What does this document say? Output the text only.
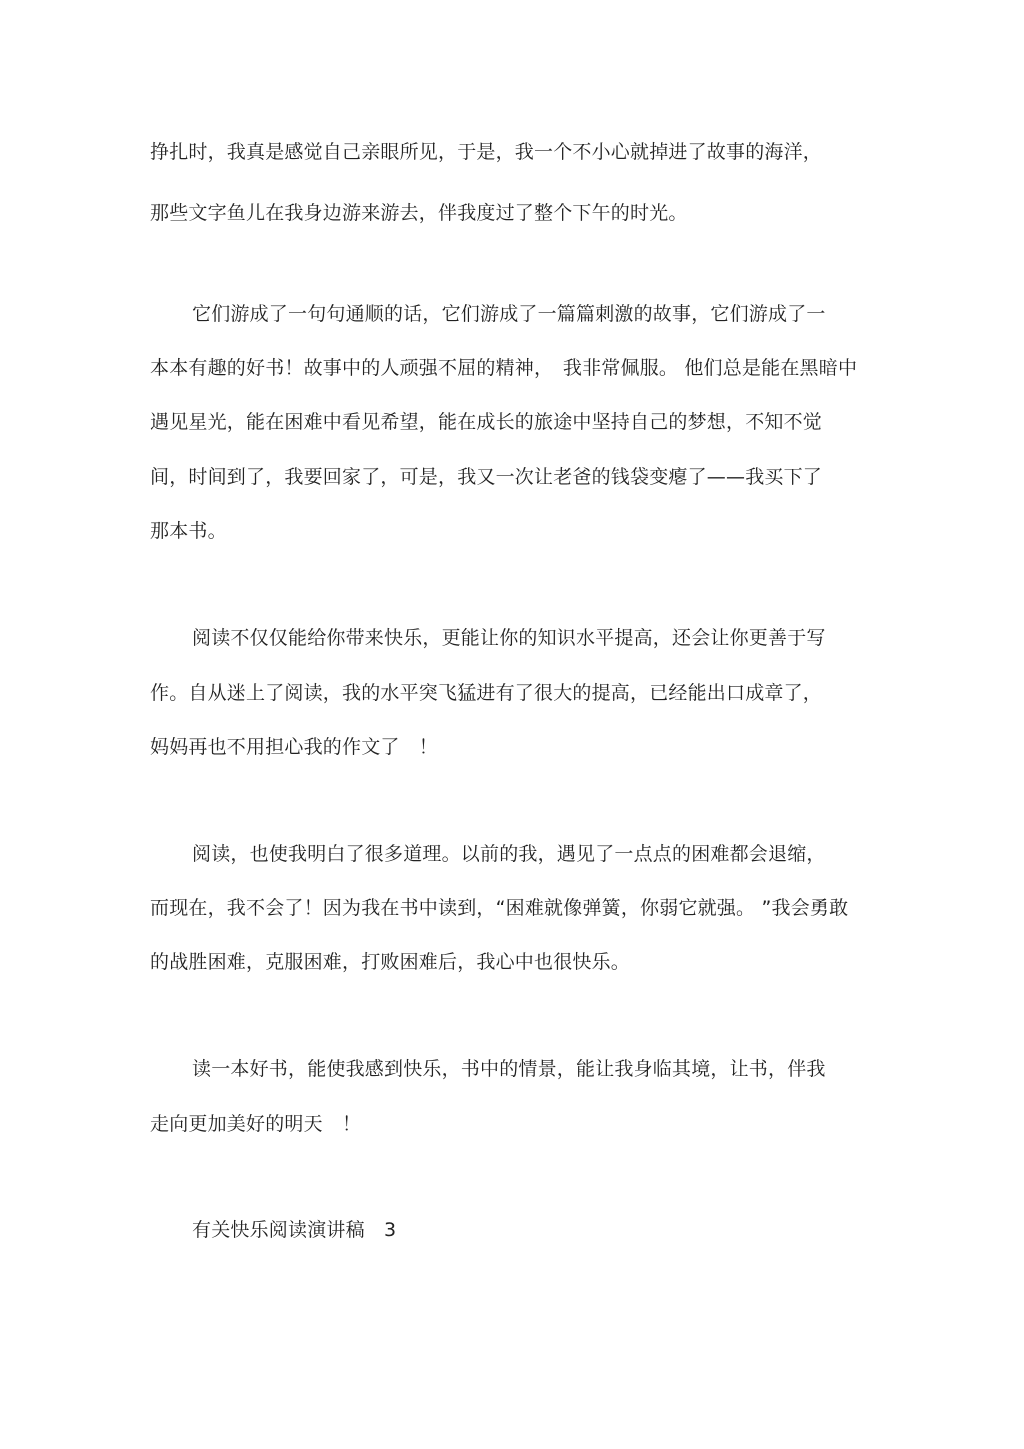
挣扎时，我真是感觉自己亲眼所见，于是，我一个不小心就掉进了故事的海洋，
那些文字鱼儿在我身边游来游去，伴我度过了整个下午的时光。
它们游成了一句句通顺的话，它们游成了一篇篇刺激的故事，它们游成了一
本本有趣的好书！故事中的人顽强不屈的精神，　我非常佩服。 他们总是能在黑暗中
遇见星光，能在困难中看见希望，能在成长的旅途中坚持自己的梦想，不知不觉
间，时间到了，我要回家了，可是，我又一次让老爸的钱袋变瘪了——我买下了
那本书。
阅读不仅仅能给你带来快乐，更能让你的知识水平提高，还会让你更善于写
作。自从迷上了阅读，我的水平突飞猛进有了很大的提高，已经能出口成章了，
妈妈再也不用担心我的作文了　！
阅读，也使我明白了很多道理。以前的我，遇见了一点点的困难都会退缩，
而现在，我不会了！因为我在书中读到，“困难就像弹簧，你弱它就强。 ”我会勇敢
的战胜困难，克服困难，打败困难后，我心中也很快乐。
读一本好书，能使我感到快乐，书中的情景，能让我身临其境，让书，伴我
走向更加美好的明天　！
有关快乐阅读演讲稿　3
